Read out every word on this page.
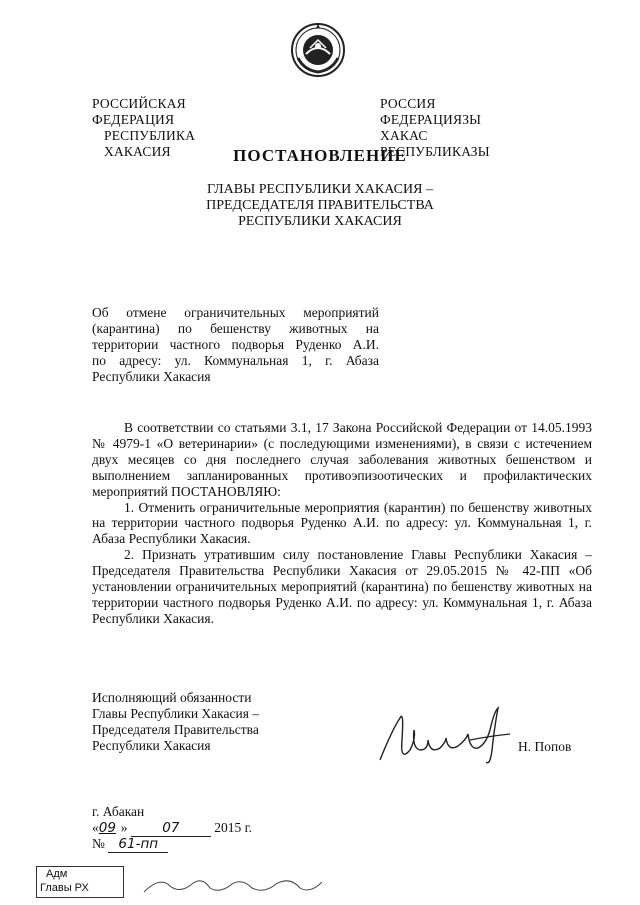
РОССИЙСКАЯ ФЕДЕРАЦИЯ
РЕСПУБЛИКА ХАКАСИЯ
РОССИЯ ФЕДЕРАЦИЯЗЫ
ХАКАС РЕСПУБЛИКАЗЫ
ПОСТАНОВЛЕНИЕ
ГЛАВЫ РЕСПУБЛИКИ ХАКАСИЯ –
ПРЕДСЕДАТЕЛЯ ПРАВИТЕЛЬСТВА
РЕСПУБЛИКИ ХАКАСИЯ
Об отмене ограничительных мероприятий
(карантина) по бешенству животных на
территории частного подворья Руденко А.И.
по адресу: ул. Коммунальная 1, г. Абаза
Республики Хакасия

В соответствии со статьями 3.1, 17 Закона Российской Федерации от 14.05.1993 № 4979-1 «О ветеринарии» (с последующими изменениями), в связи с истечением двух месяцев со дня последнего случая заболевания животных бешенством и выполнением запланированных противоэпизоотических и профилактических мероприятий ПОСТАНОВЛЯЮ:

1. Отменить ограничительные мероприятия (карантин) по бешенству животных на территории частного подворья Руденко А.И. по адресу: ул. Коммунальная 1, г. Абаза Республики Хакасия.

2. Признать утратившим силу постановление Главы Республики Хакасия – Председателя Правительства Республики Хакасия от 29.05.2015 № 42-ПП «Об установлении ограничительных мероприятий (карантина) по бешенству животных на территории частного подворья Руденко А.И. по адресу: ул. Коммунальная 1, г. Абаза Республики Хакасия.

Исполняющий обязанности
Главы Республики Хакасия –
Председателя Правительства
Республики Хакасия	Н. Попов
г. Абакан
«09 »	07	2015 г.
№ 61-пп
Адм
Главы РХ
